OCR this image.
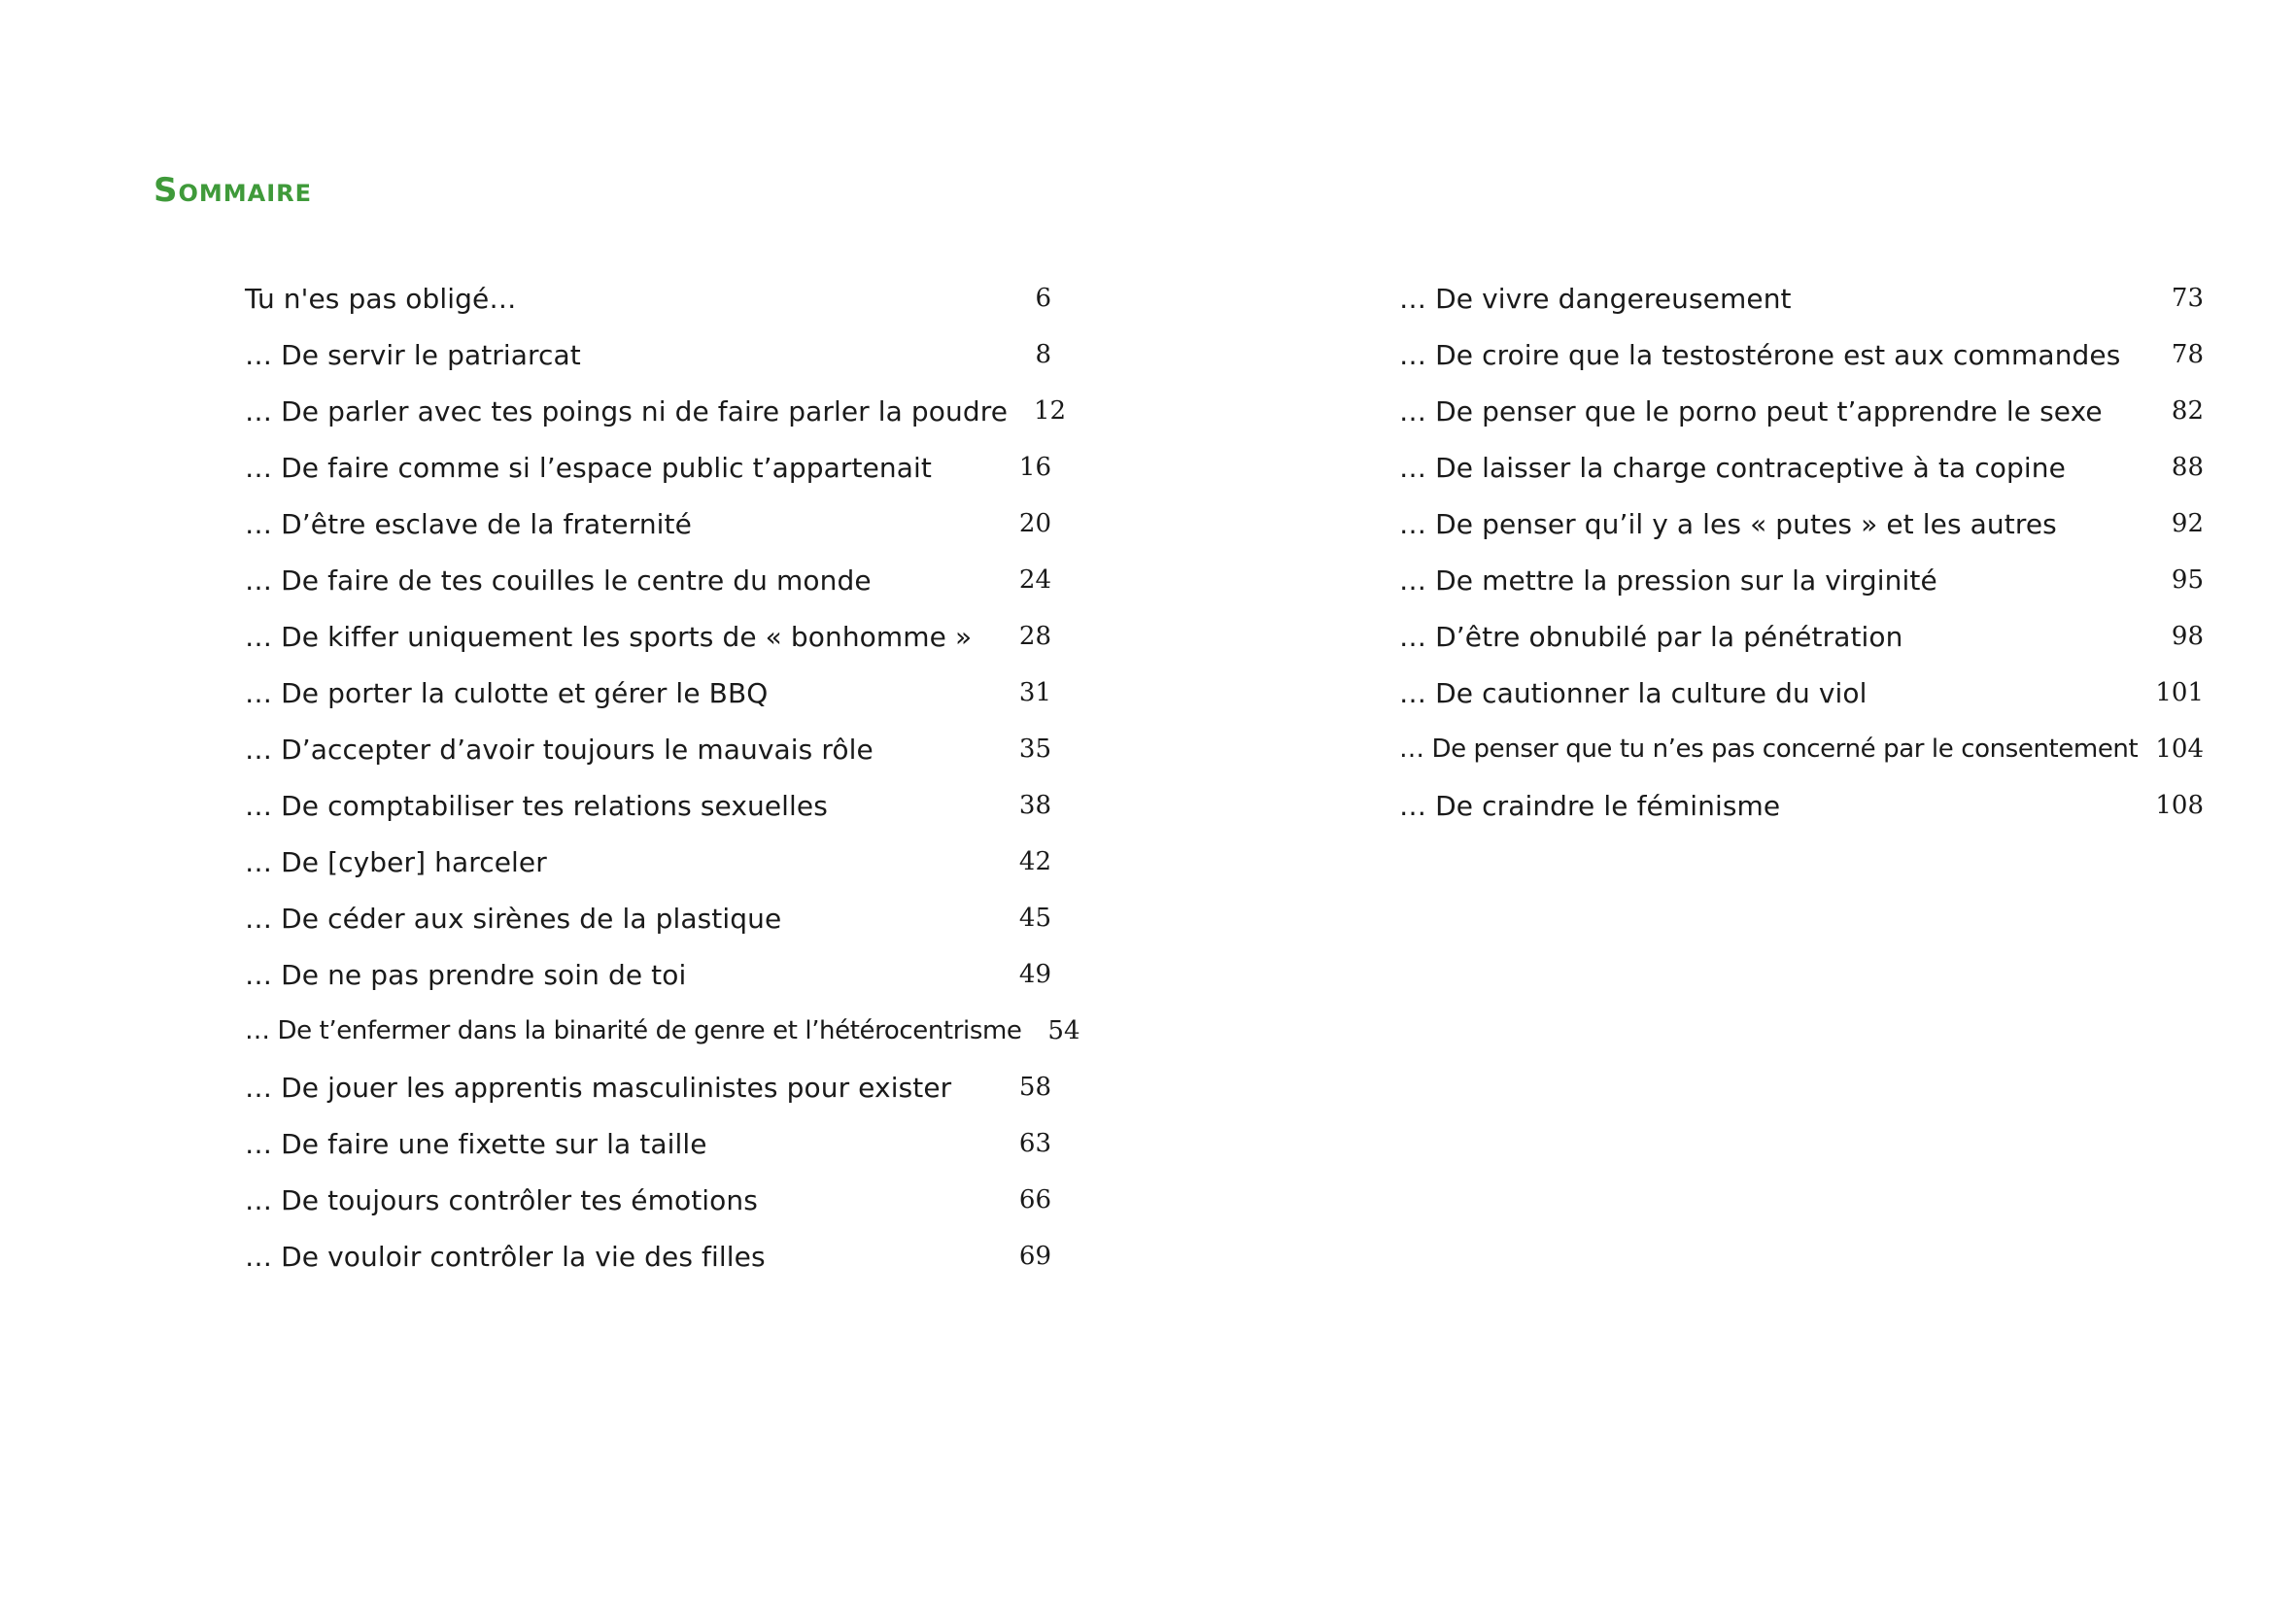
Sommaire
Tu n'es pas obligé…	6
… De servir le patriarcat	8
… De parler avec tes poings ni de faire parler la poudre	12
… De faire comme si l’espace public t’appartenait	16
… D’être esclave de la fraternité	20
… De faire de tes couilles le centre du monde	24
… De kiffer uniquement les sports de « bonhomme »	28
… De porter la culotte et gérer le BBQ	31
… D’accepter d’avoir toujours le mauvais rôle	35
… De comptabiliser tes relations sexuelles	38
… De [cyber] harceler	42
… De céder aux sirènes de la plastique	45
… De ne pas prendre soin de toi	49
… De t’enfermer dans la binarité de genre et l’hétérocentrisme	54
… De jouer les apprentis masculinistes pour exister	58
… De faire une fixette sur la taille	63
… De toujours contrôler tes émotions	66
… De vouloir contrôler la vie des filles	69
… De vivre dangereusement	73
… De croire que la testostérone est aux commandes	78
… De penser que le porno peut t’apprendre le sexe	82
… De laisser la charge contraceptive à ta copine	88
… De penser qu’il y a les « putes » et les autres	92
… De mettre la pression sur la virginité	95
… D’être obnubilé par la pénétration	98
… De cautionner la culture du viol	101
… De penser que tu n’es pas concerné par le consentement 104
… De craindre le féminisme	108
